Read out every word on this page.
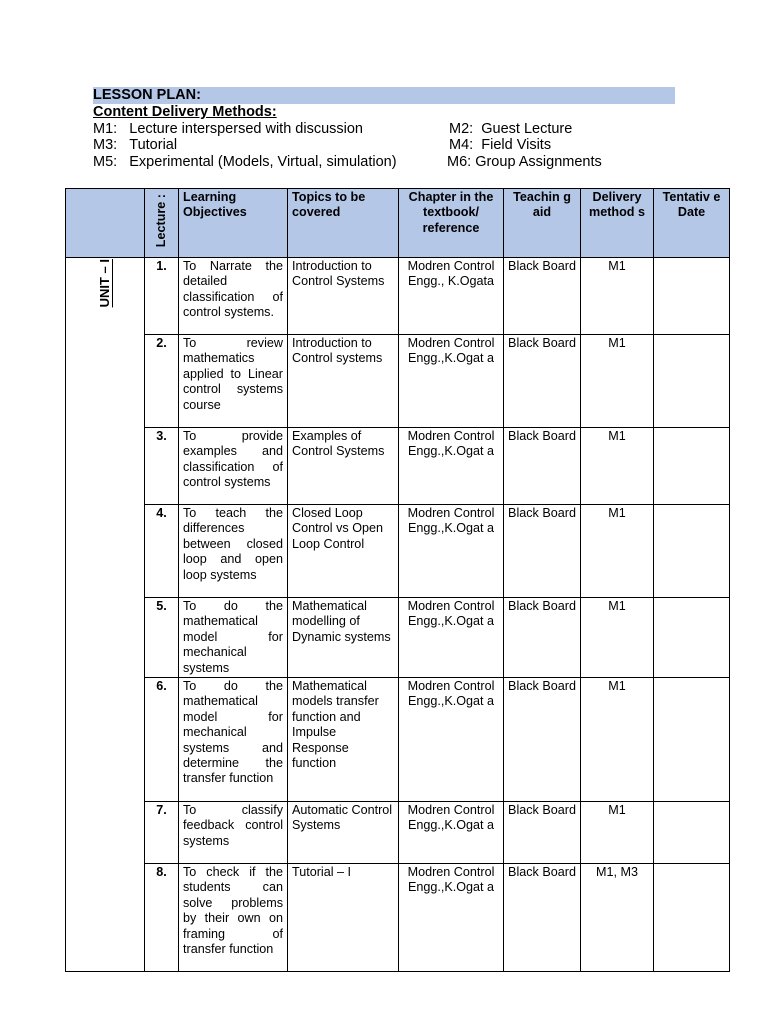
LESSON PLAN:
Content Delivery Methods:
M1: Lecture interspersed with discussion	M2: Guest Lecture
M3: Tutorial	M4: Field Visits
M5: Experimental (Models, Virtual, simulation)	M6: Group Assignments

	Lecture :	Learning Objectives	Topics to be covered	Chapter in the textbook/ reference	Teachin g aid	Delivery method s	Tentativ e Date

UNIT – I	1.	To Narrate the detailed classification of control systems.	Introduction to Control Systems	Modren Control Engg., K.Ogata	Black Board	M1	
	2.	To review mathematics applied to Linear control systems course	Introduction to Control systems	Modren Control Engg.,K.Ogat a	Black Board	M1	
	3.	To provide examples and classification of control systems	Examples of Control Systems	Modren Control Engg.,K.Ogat a	Black Board	M1	
	4.	To teach the differences between closed loop and open loop systems	Closed Loop Control vs Open Loop Control	Modren Control Engg.,K.Ogat a	Black Board	M1	
	5.	To do the mathematical model for mechanical systems	Mathematical modelling of Dynamic systems	Modren Control Engg.,K.Ogat a	Black Board	M1	
	6.	To do the mathematical model for mechanical systems and determine the transfer function	Mathematical models transfer function and Impulse Response function	Modren Control Engg.,K.Ogat a	Black Board	M1	
	7.	To classify feedback control systems	Automatic Control Systems	Modren Control Engg.,K.Ogat a	Black Board	M1	
	8.	To check if the students can solve problems by their own on framing of transfer function	Tutorial – I	Modren Control Engg.,K.Ogat a	Black Board	M1, M3	
